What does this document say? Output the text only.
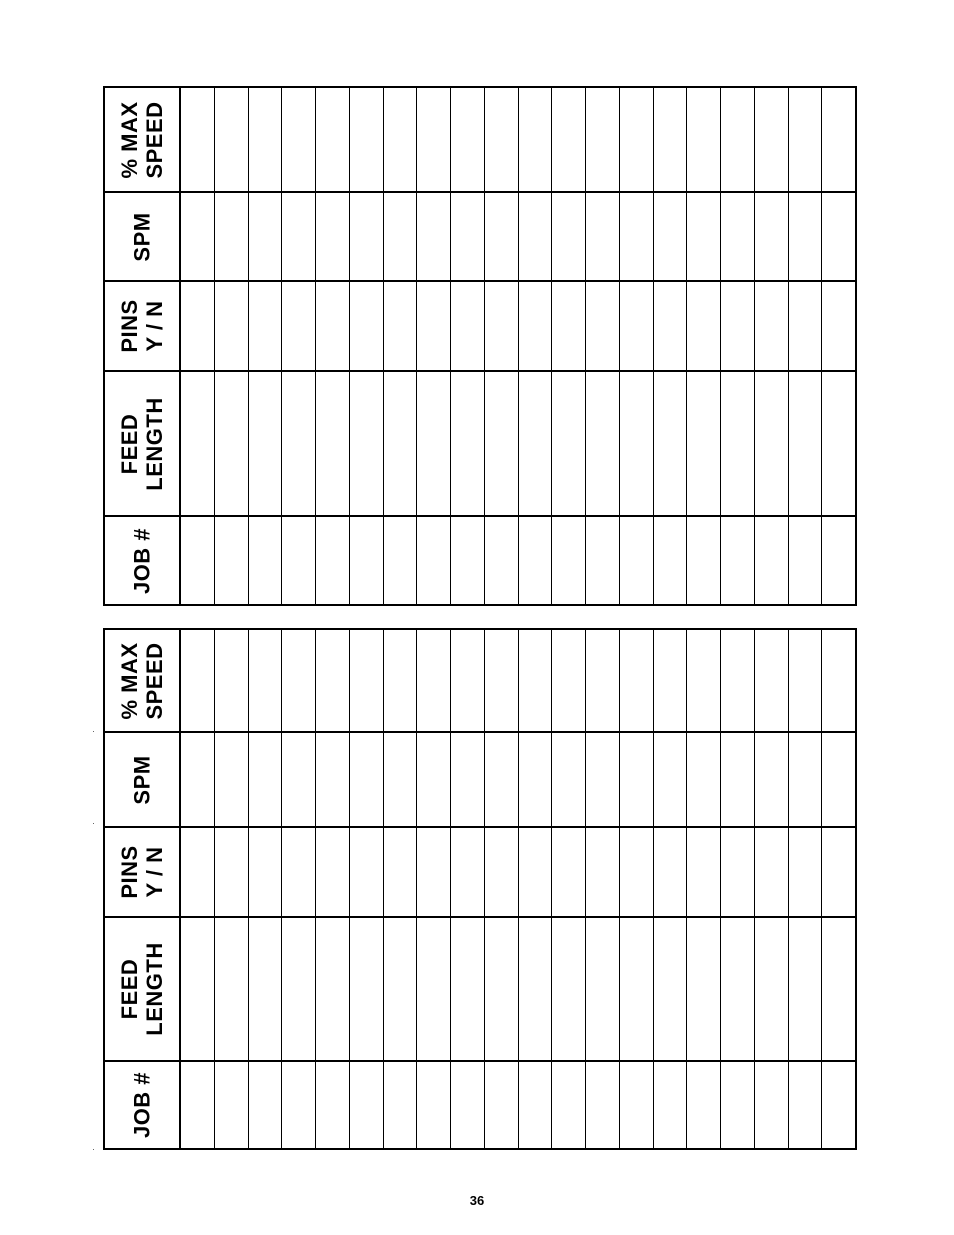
% MAX SPEED
SPM
PINS Y / N
FEED LENGTH
JOB #
% MAX SPEED
SPM
PINS Y / N
FEED LENGTH
JOB #
36
